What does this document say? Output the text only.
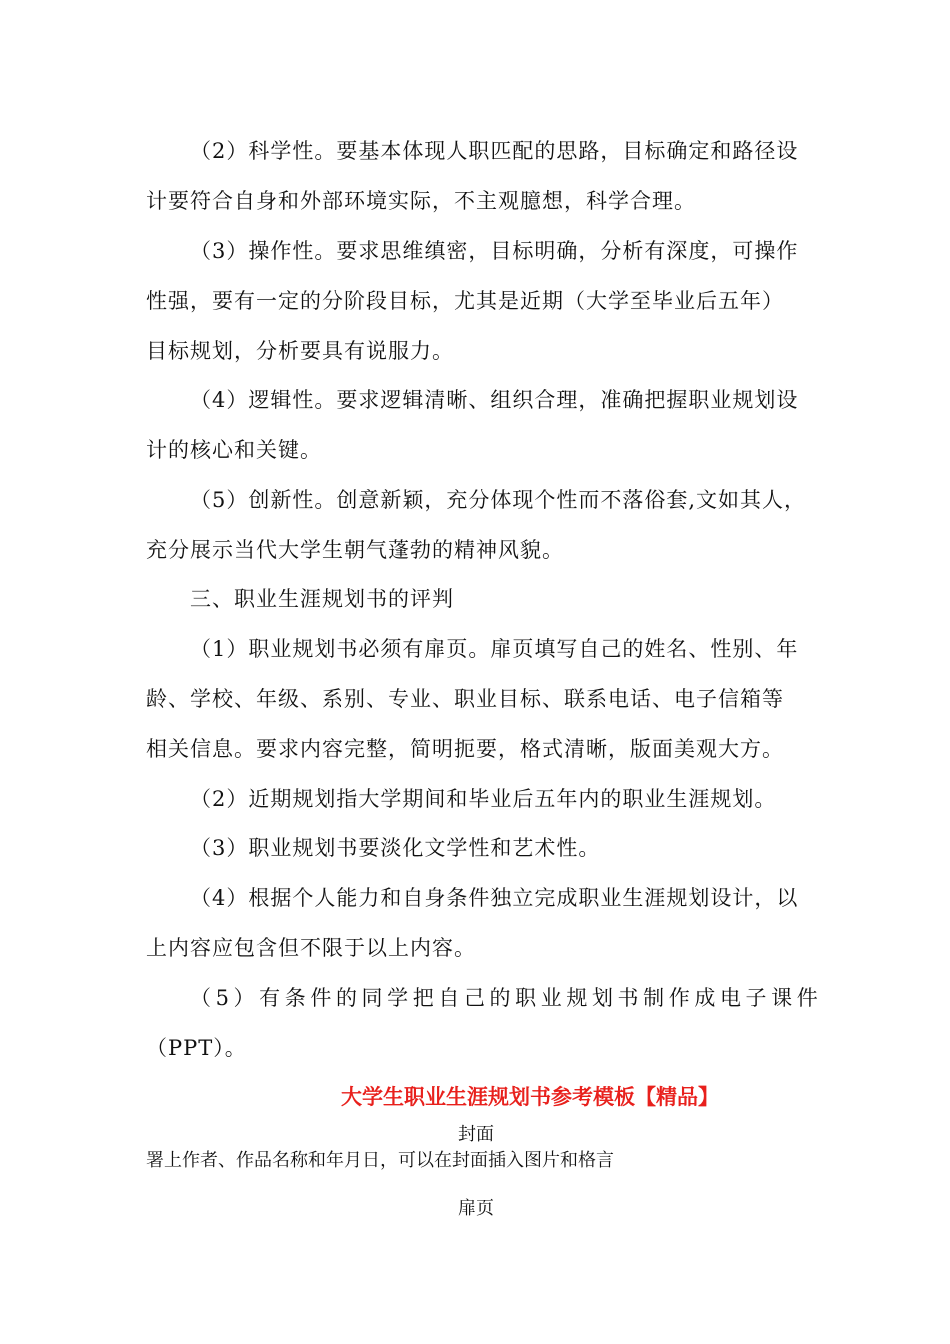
（2）科学性。要基本体现人职匹配的思路，目标确定和路径设
计要符合自身和外部环境实际，不主观臆想，科学合理。
（3）操作性。要求思维缜密，目标明确，分析有深度，可操作
性强，要有一定的分阶段目标，尤其是近期（大学至毕业后五年）
目标规划，分析要具有说服力。
（4）逻辑性。要求逻辑清晰、组织合理，准确把握职业规划设
计的核心和关键。
（5）创新性。创意新颖，充分体现个性而不落俗套,文如其人，
充分展示当代大学生朝气蓬勃的精神风貌。
三、职业生涯规划书的评判
（1）职业规划书必须有扉页。扉页填写自己的姓名、性别、年
龄、学校、年级、系别、专业、职业目标、联系电话、电子信箱等
相关信息。要求内容完整，简明扼要，格式清晰，版面美观大方。
（2）近期规划指大学期间和毕业后五年内的职业生涯规划。
（3）职业规划书要淡化文学性和艺术性。
（4）根据个人能力和自身条件独立完成职业生涯规划设计，以
上内容应包含但不限于以上内容。
（5）有条件的同学把自己的职业规划书制作成电子课件
（PPT）。
大学生职业生涯规划书参考模板【精品】
封面
署上作者、作品名称和年月日，可以在封面插入图片和格言
扉页
